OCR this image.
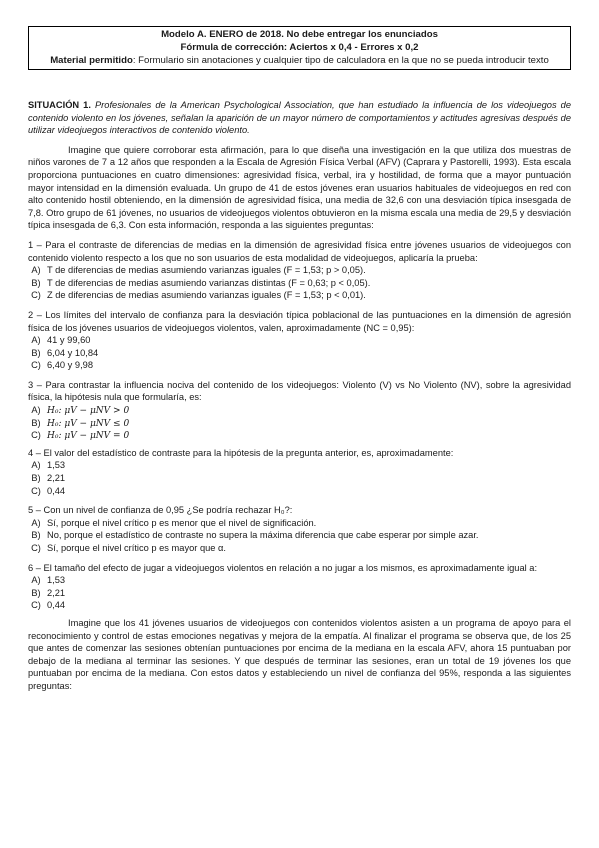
Modelo A. ENERO de 2018. No debe entregar los enunciados
Fórmula de corrección: Aciertos x 0,4 - Errores x 0,2
Material permitido: Formulario sin anotaciones y cualquier tipo de calculadora en la que no se pueda introducir texto

SITUACIÓN 1. Profesionales de la American Psychological Association, que han estudiado la influencia de los videojuegos de contenido violento en los jóvenes, señalan la aparición de un mayor número de comportamientos y actitudes agresivas después de utilizar videojuegos interactivos de contenido violento.

Imagine que quiere corroborar esta afirmación, para lo que diseña una investigación en la que utiliza dos muestras de niños varones de 7 a 12 años que responden a la Escala de Agresión Física Verbal (AFV) (Caprara y Pastorelli, 1993). Esta escala proporciona puntuaciones en cuatro dimensiones: agresividad física, verbal, ira y hostilidad, de forma que a mayor puntuación mayor intensidad en la dimensión evaluada. Un grupo de 41 de estos jóvenes eran usuarios habituales de videojuegos en red con alto contenido hostil obteniendo, en la dimensión de agresividad física, una media de 32,6 con una desviación típica insesgada de 7,8. Otro grupo de 61 jóvenes, no usuarios de videojuegos violentos obtuvieron en la misma escala una media de 29,5 y desviación típica insesgada de 6,3. Con esta información, responda a las siguientes preguntas:

1 – Para el contraste de diferencias de medias en la dimensión de agresividad física entre jóvenes usuarios de videojuegos con contenido violento respecto a los que no son usuarios de esta modalidad de videojuegos, aplicaría la prueba:

A) T de diferencias de medias asumiendo varianzas iguales (F = 1,53; p > 0,05).
B) T de diferencias de medias asumiendo varianzas distintas (F = 0,63; p < 0,05).
C) Z de diferencias de medias asumiendo varianzas iguales (F = 1,53; p < 0,01).

2 – Los límites del intervalo de confianza para la desviación típica poblacional de las puntuaciones en la dimensión de agresión física de los jóvenes usuarios de videojuegos violentos, valen, aproximadamente (NC = 0,95):

A) 41 y 99,60
B) 6,04 y 10,84
C) 6,40 y 9,98

3 – Para contrastar la influencia nociva del contenido de los videojuegos: Violento (V) vs No Violento (NV), sobre la agresividad física, la hipótesis nula que formularía, es:

A) H₀: μV − μNV > 0
B) H₀: μV − μNV ≤ 0
C) H₀: μV − μNV = 0

4 – El valor del estadístico de contraste para la hipótesis de la pregunta anterior, es, aproximadamente:

A) 1,53
B) 2,21
C) 0,44

5 – Con un nivel de confianza de 0,95 ¿Se podría rechazar H₀?:

A) Sí, porque el nivel crítico p es menor que el nivel de significación.
B) No, porque el estadístico de contraste no supera la máxima diferencia que cabe esperar por simple azar.
C) Sí, porque el nivel crítico p es mayor que α.

6 – El tamaño del efecto de jugar a videojuegos violentos en relación a no jugar a los mismos, es aproximadamente igual a:

A) 1,53
B) 2,21
C) 0,44

Imagine que los 41 jóvenes usuarios de videojuegos con contenidos violentos asisten a un programa de apoyo para el reconocimiento y control de estas emociones negativas y mejora de la empatía. Al finalizar el programa se observa que, de los 25 que antes de comenzar las sesiones obtenían puntuaciones por encima de la mediana en la escala AFV, ahora 15 puntuaban por debajo de la mediana al terminar las sesiones. Y que después de terminar las sesiones, eran un total de 19 jóvenes los que puntuaban por encima de la mediana. Con estos datos y estableciendo un nivel de confianza del 95%, responda a las siguientes preguntas:
